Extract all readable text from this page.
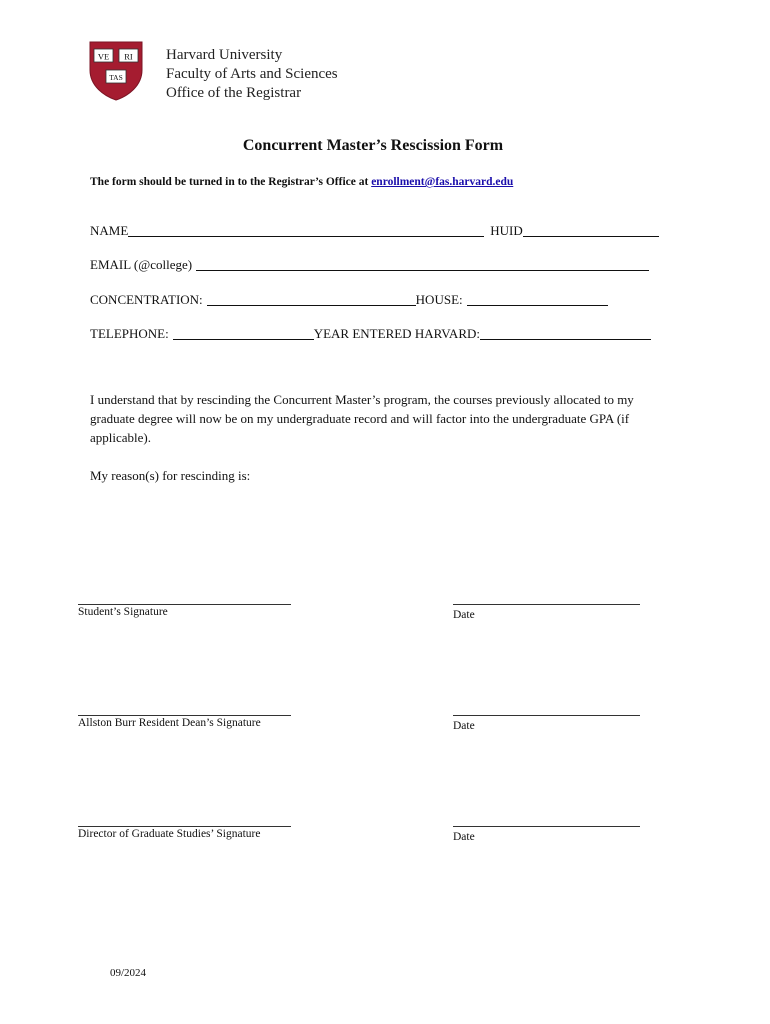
VE RI
TAS
Harvard University
Faculty of Arts and Sciences
Office of the Registrar
Concurrent Master’s Rescission Form
The form should be turned in to the Registrar’s Office at enrollment@fas.harvard.edu
NAME	HUID
EMAIL (@college)
CONCENTRATION:	HOUSE:
TELEPHONE:	YEAR ENTERED HARVARD:
I understand that by rescinding the Concurrent Master’s program, the courses previously allocated to my graduate degree will now be on my undergraduate record and will factor into the undergraduate GPA (if applicable).
My reason(s) for rescinding is:
Student’s Signature	Date
Allston Burr Resident Dean’s Signature	Date
Director of Graduate Studies’ Signature	Date
09/2024
